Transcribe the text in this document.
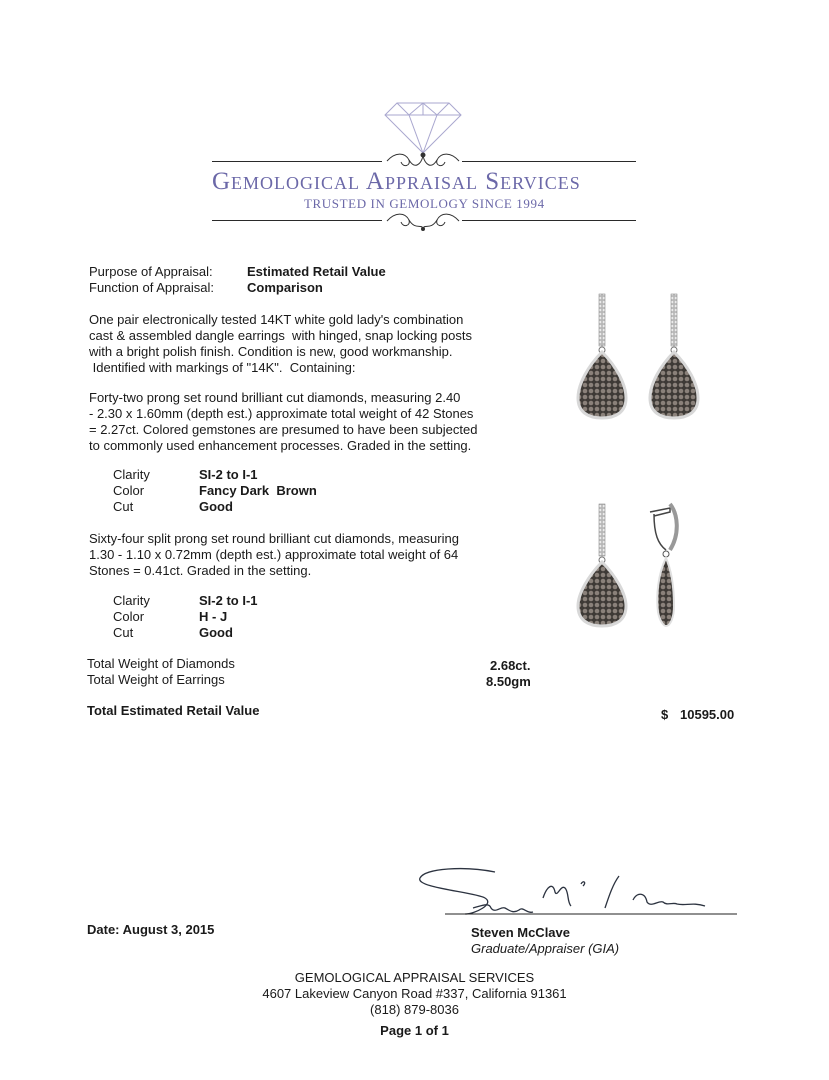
Gemological Appraisal Services
TRUSTED IN GEMOLOGY SINCE 1994
Purpose of Appraisal:	Estimated Retail Value
Function of Appraisal:	Comparison
One pair electronically tested 14KT white gold lady's combination
cast & assembled dangle earrings  with hinged, snap locking posts
with a bright polish finish. Condition is new, good workmanship.
Identified with markings of "14K".  Containing:
Forty-two prong set round brilliant cut diamonds, measuring 2.40
- 2.30 x 1.60mm (depth est.) approximate total weight of 42 Stones
= 2.27ct. Colored gemstones are presumed to have been subjected
to commonly used enhancement processes. Graded in the setting.
Clarity	SI-2 to I-1
Color	Fancy Dark  Brown
Cut	Good
Sixty-four split prong set round brilliant cut diamonds, measuring
1.30 - 1.10 x 0.72mm (depth est.) approximate total weight of 64
Stones = 0.41ct. Graded in the setting.
Clarity	SI-2 to I-1
Color	H - J
Cut	Good
Total Weight of Diamonds	2.68ct.
Total Weight of Earrings	8.50gm
Total Estimated Retail Value	$ 10595.00
Date: August 3, 2015	Steven McClave
Graduate/Appraiser (GIA)
GEMOLOGICAL APPRAISAL SERVICES
4607 Lakeview Canyon Road #337, California 91361
(818) 879-8036
Page 1 of 1
